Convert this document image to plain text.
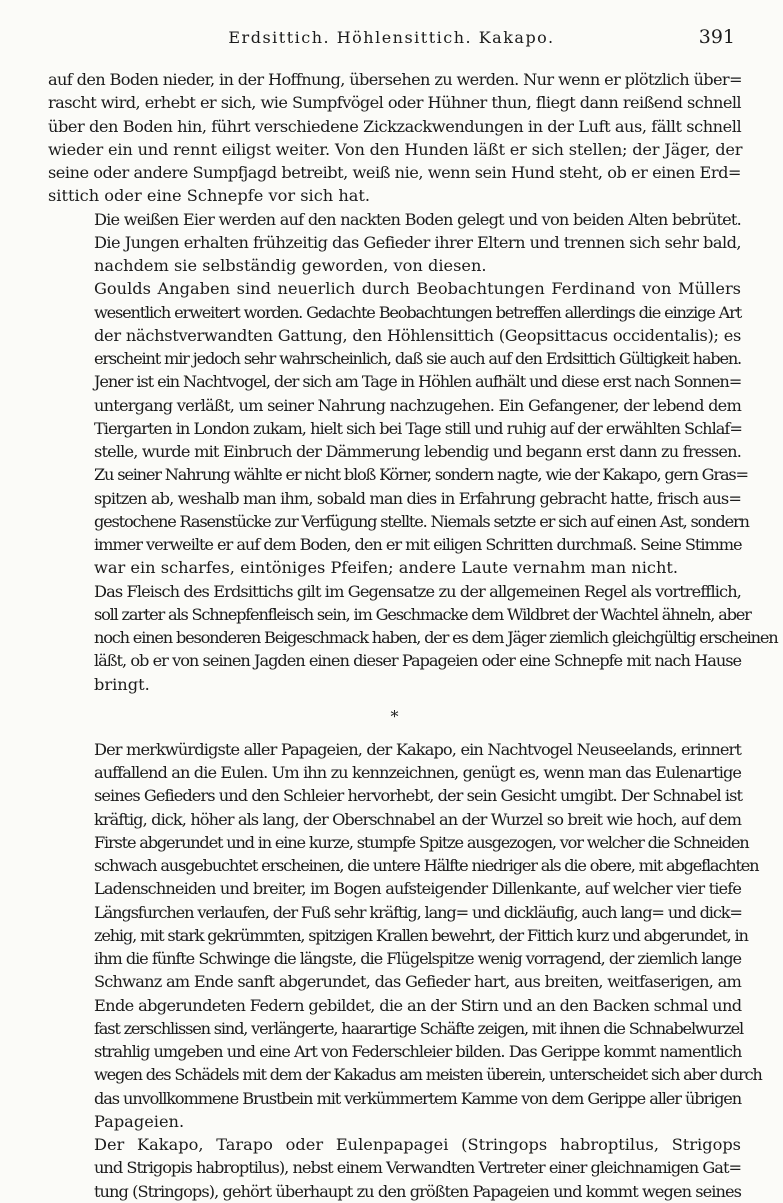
Erdsittich. Höhlensittich. Kakapo.	391

auf den Boden nieder, in der Hoffnung, übersehen zu werden. Nur wenn er plötzlich über=
rascht wird, erhebt er sich, wie Sumpfvögel oder Hühner thun, fliegt dann reißend schnell
über den Boden hin, führt verschiedene Zickzackwendungen in der Luft aus, fällt schnell
wieder ein und rennt eiligst weiter. Von den Hunden läßt er sich stellen; der Jäger, der
seine oder andere Sumpfjagd betreibt, weiß nie, wenn sein Hund steht, ob er einen Erd=
sittich oder eine Schnepfe vor sich hat.

Die weißen Eier werden auf den nackten Boden gelegt und von beiden Alten bebrütet.
Die Jungen erhalten frühzeitig das Gefieder ihrer Eltern und trennen sich sehr bald,
nachdem sie selbständig geworden, von diesen.

Goulds Angaben sind neuerlich durch Beobachtungen Ferdinand von Müllers
wesentlich erweitert worden. Gedachte Beobachtungen betreffen allerdings die einzige Art
der nächstverwandten Gattung, den Höhlensittich (Geopsittacus occidentalis); es
erscheint mir jedoch sehr wahrscheinlich, daß sie auch auf den Erdsittich Gültigkeit haben.
Jener ist ein Nachtvogel, der sich am Tage in Höhlen aufhält und diese erst nach Sonnen=
untergang verläßt, um seiner Nahrung nachzugehen. Ein Gefangener, der lebend dem
Tiergarten in London zukam, hielt sich bei Tage still und ruhig auf der erwählten Schlaf=
stelle, wurde mit Einbruch der Dämmerung lebendig und begann erst dann zu fressen.
Zu seiner Nahrung wählte er nicht bloß Körner, sondern nagte, wie der Kakapo, gern Gras=
spitzen ab, weshalb man ihm, sobald man dies in Erfahrung gebracht hatte, frisch aus=
gestochene Rasenstücke zur Verfügung stellte. Niemals setzte er sich auf einen Ast, sondern
immer verweilte er auf dem Boden, den er mit eiligen Schritten durchmaß. Seine Stimme
war ein scharfes, eintöniges Pfeifen; andere Laute vernahm man nicht.

Das Fleisch des Erdsittichs gilt im Gegensatze zu der allgemeinen Regel als vortrefflich,
soll zarter als Schnepfenfleisch sein, im Geschmacke dem Wildbret der Wachtel ähneln, aber
noch einen besonderen Beigeschmack haben, der es dem Jäger ziemlich gleichgültig erscheinen
läßt, ob er von seinen Jagden einen dieser Papageien oder eine Schnepfe mit nach Hause
bringt.

*

Der merkwürdigste aller Papageien, der Kakapo, ein Nachtvogel Neuseelands, erinnert
auffallend an die Eulen. Um ihn zu kennzeichnen, genügt es, wenn man das Eulenartige
seines Gefieders und den Schleier hervorhebt, der sein Gesicht umgibt. Der Schnabel ist
kräftig, dick, höher als lang, der Oberschnabel an der Wurzel so breit wie hoch, auf dem
Firste abgerundet und in eine kurze, stumpfe Spitze ausgezogen, vor welcher die Schneiden
schwach ausgebuchtet erscheinen, die untere Hälfte niedriger als die obere, mit abgeflachten
Ladenschneiden und breiter, im Bogen aufsteigender Dillenkante, auf welcher vier tiefe
Längsfurchen verlaufen, der Fuß sehr kräftig, lang= und dickläufig, auch lang= und dick=
zehig, mit stark gekrümmten, spitzigen Krallen bewehrt, der Fittich kurz und abgerundet, in
ihm die fünfte Schwinge die längste, die Flügelspitze wenig vorragend, der ziemlich lange
Schwanz am Ende sanft abgerundet, das Gefieder hart, aus breiten, weitfaserigen, am
Ende abgerundeten Federn gebildet, die an der Stirn und an den Backen schmal und
fast zerschlissen sind, verlängerte, haarartige Schäfte zeigen, mit ihnen die Schnabelwurzel
strahlig umgeben und eine Art von Federschleier bilden. Das Gerippe kommt namentlich
wegen des Schädels mit dem der Kakadus am meisten überein, unterscheidet sich aber durch
das unvollkommene Brustbein mit verkümmertem Kamme von dem Gerippe aller übrigen
Papageien.

Der Kakapo, Tarapo oder Eulenpapagei (Stringops habroptilus, Strigops
und Strigopis habroptilus), nebst einem Verwandten Vertreter einer gleichnamigen Gat=
tung (Stringops), gehört überhaupt zu den größten Papageien und kommt wegen seines
